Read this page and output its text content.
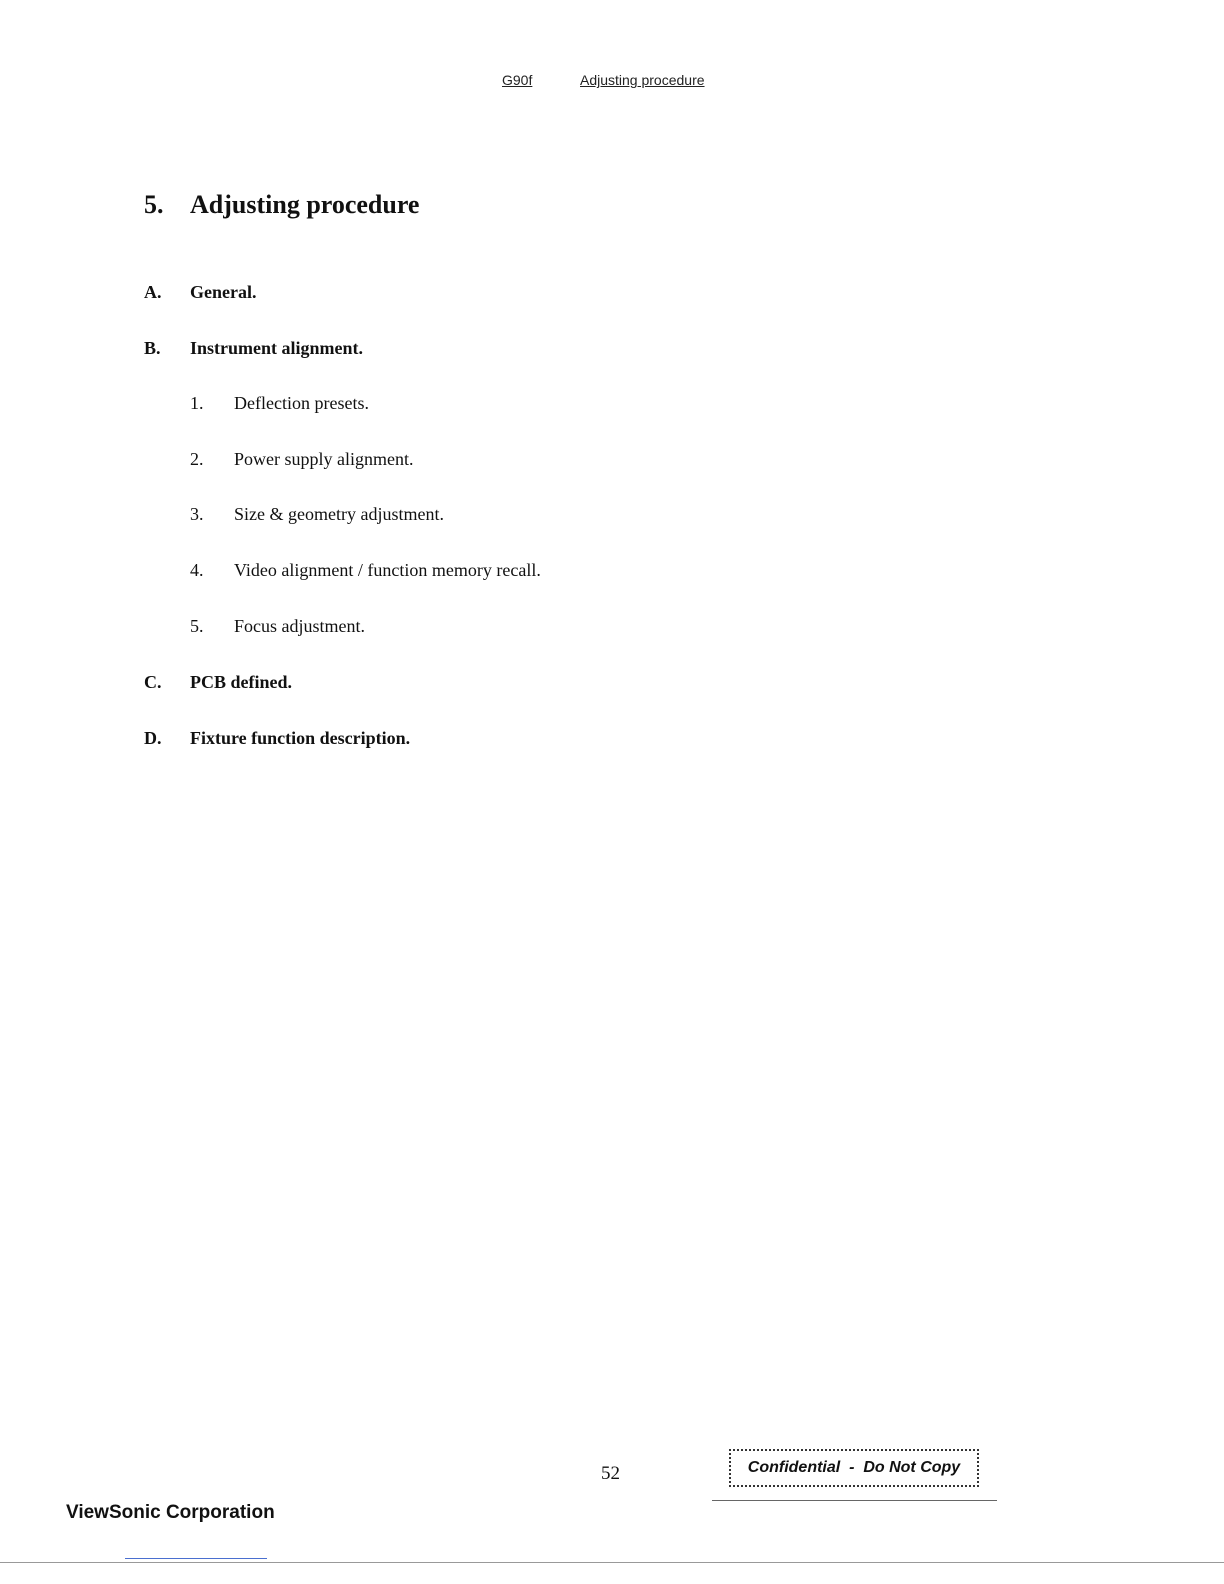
G90f	Adjusting procedure
5.	Adjusting procedure
A.	General.
B.	Instrument alignment.
1.	Deflection presets.
2.	Power supply alignment.
3.	Size & geometry adjustment.
4.	Video alignment / function memory recall.
5.	Focus adjustment.
C.	PCB defined.
D.	Fixture function description.
52	Confidential  -  Do Not Copy
ViewSonic Corporation
